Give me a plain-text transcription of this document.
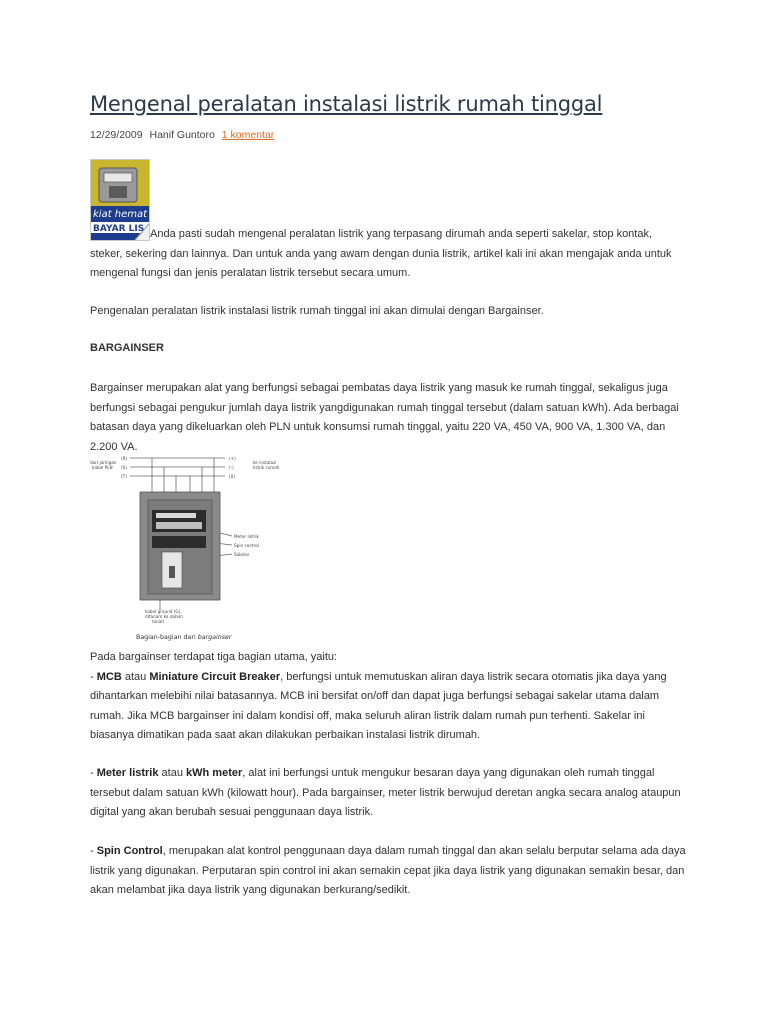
Mengenal peralatan instalasi listrik rumah tinggal
12/29/2009 Hanif Guntoro 1 komentar
kiat hemat
BAYAR LIS Anda pasti sudah mengenal peralatan listrik yang terpasang dirumah anda seperti sakelar, stop kontak, steker, sekering dan lainnya. Dan untuk anda yang awam dengan dunia listrik, artikel kali ini akan mengajak anda untuk mengenal fungsi dan jenis peralatan listrik tersebut secara umum.

Pengenalan peralatan listrik instalasi listrik rumah tinggal ini akan dimulai dengan Bargainser.

BARGAINSER

Bargainser merupakan alat yang berfungsi sebagai pembatas daya listrik yang masuk ke rumah tinggal, sekaligus juga berfungsi sebagai pengukur jumlah daya listrik yangdigunakan rumah tinggal tersebut (dalam satuan kWh). Ada berbagai batasan daya yang dikeluarkan oleh PLN untuk konsumsi rumah tinggal, yaitu 220 VA, 450 VA, 900 VA, 1.300 VA, dan 2.200 VA.

dari jaringan
kabel PLN
(R)
(S)
(T)
(+)
(-)
(0)
ke instalasi
listrik rumah
Meter listrik
Spin control
Sakelar
kabel ground (G),
ditanam ke dalam
tanah
Bagian-bagian dari bargainser
Pada bargainser terdapat tiga bagian utama, yaitu:
- MCB atau Miniature Circuit Breaker, berfungsi untuk memutuskan aliran daya listrik secara otomatis jika daya yang dihantarkan melebihi nilai batasannya. MCB ini bersifat on/off dan dapat juga berfungsi sebagai sakelar utama dalam rumah. Jika MCB bargainser ini dalam kondisi off, maka seluruh aliran listrik dalam rumah pun terhenti. Sakelar ini biasanya dimatikan pada saat akan dilakukan perbaikan instalasi listrik dirumah.
- Meter listrik atau kWh meter, alat ini berfungsi untuk mengukur besaran daya yang digunakan oleh rumah tinggal tersebut dalam satuan kWh (kilowatt hour). Pada bargainser, meter listrik berwujud deretan angka secara analog ataupun digital yang akan berubah sesuai penggunaan daya listrik.
- Spin Control, merupakan alat kontrol penggunaan daya dalam rumah tinggal dan akan selalu berputar selama ada daya listrik yang digunakan. Perputaran spin control ini akan semakin cepat jika daya listrik yang digunakan semakin besar, dan akan melambat jika daya listrik yang digunakan berkurang/sedikit.
